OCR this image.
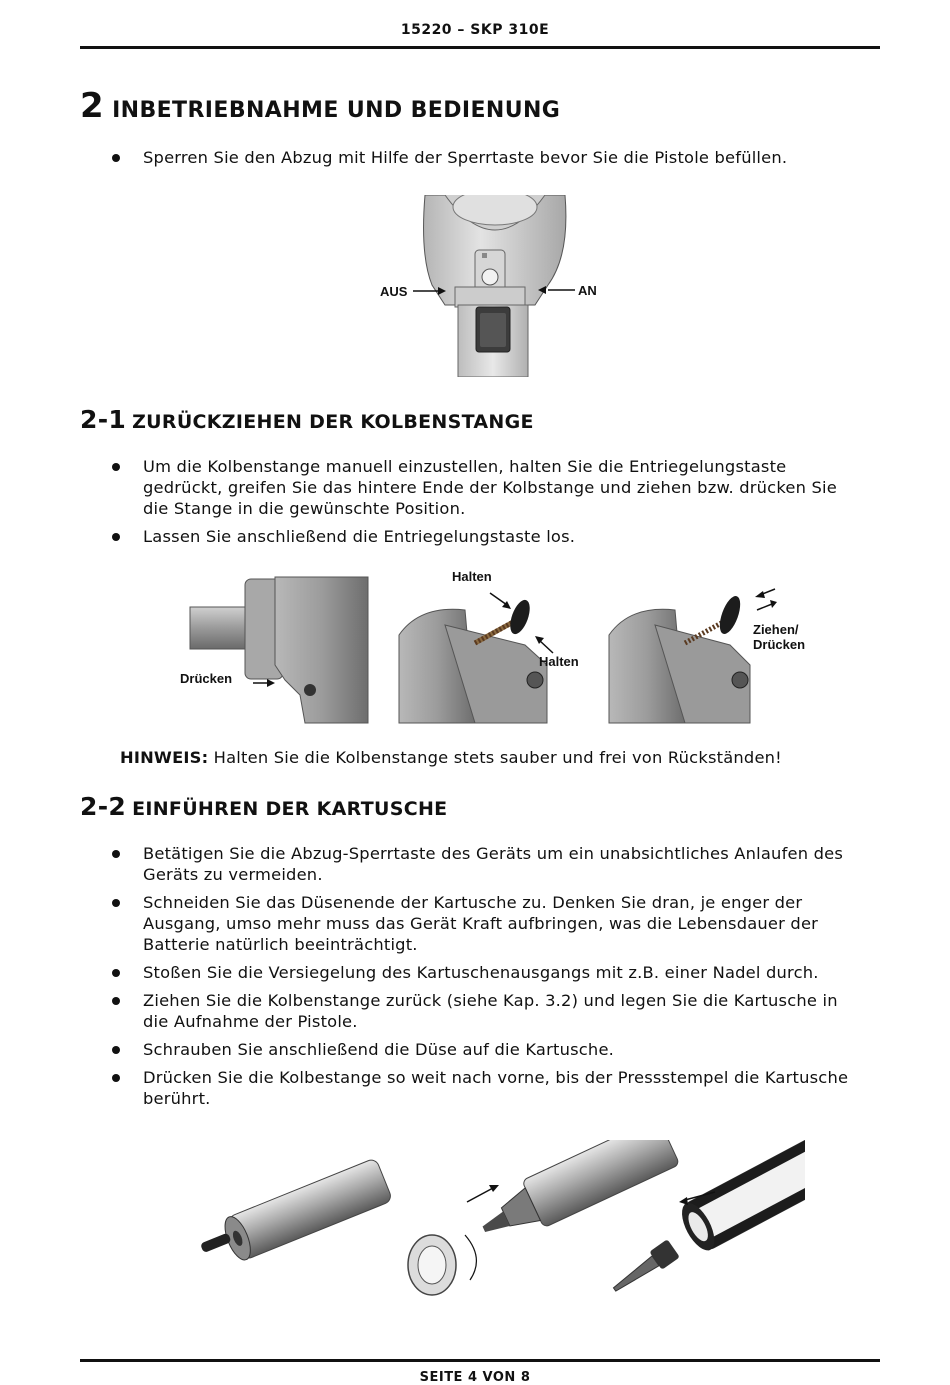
15220 – SKP 310E
2 INBETRIEBNAHME UND BEDIENUNG
Sperren Sie den Abzug mit Hilfe der Sperrtaste bevor Sie die Pistole befüllen.
AUS	AN
2-1 ZURÜCKZIEHEN DER KOLBENSTANGE
Um die Kolbenstange manuell einzustellen, halten Sie die Entriegelungstaste gedrückt, greifen Sie das hintere Ende der Kolbstange und ziehen bzw. drücken Sie die Stange in die gewünschte Position.
Lassen Sie anschließend die Entriegelungstaste los.
Drücken
Halten
Halten
Ziehen/
Drücken
HINWEIS: Halten Sie die Kolbenstange stets sauber und frei von Rückständen!
2-2 EINFÜHREN DER KARTUSCHE
Betätigen Sie die Abzug-Sperrtaste des Geräts um ein unabsichtliches Anlaufen des Geräts zu vermeiden.
Schneiden Sie das Düsenende der Kartusche zu. Denken Sie dran, je enger der Ausgang, umso mehr muss das Gerät Kraft aufbringen, was die Lebensdauer der Batterie natürlich beeinträchtigt.
Stoßen Sie die Versiegelung des Kartuschenausgangs mit z.B. einer Nadel durch.
Ziehen Sie die Kolbenstange zurück (siehe Kap. 3.2) und legen Sie die Kartusche in die Aufnahme der Pistole.
Schrauben Sie anschließend die Düse auf die Kartusche.
Drücken Sie die Kolbestange so weit nach vorne, bis der Pressstempel die Kartusche berührt.
SEITE 4 VON 8
